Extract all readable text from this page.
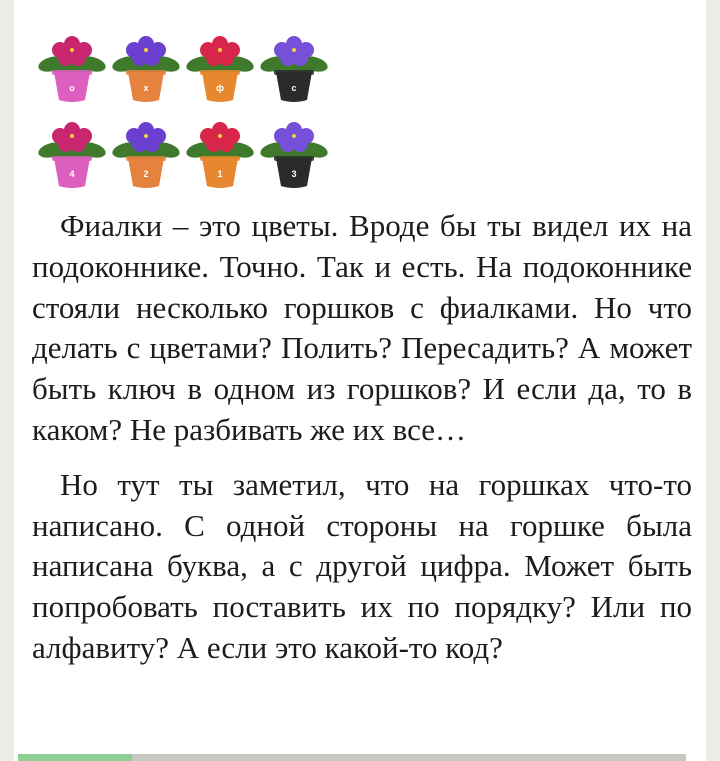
о	х	ф	с
4	2	1	3

Фиалки – это цветы. Вроде бы ты видел их на подоконнике. Точно. Так и есть. На подоконнике стояли несколько горшков с фиалками. Но что делать с цветами? Полить? Пересадить? А может быть ключ в одном из горшков? И если да, то в каком? Не разбивать же их все…

Но тут ты заметил, что на горшках что-то написано. С одной стороны на горшке была написана буква, а с другой цифра. Может быть попробовать поставить их по порядку? Или по алфавиту? А если это какой-то код?
